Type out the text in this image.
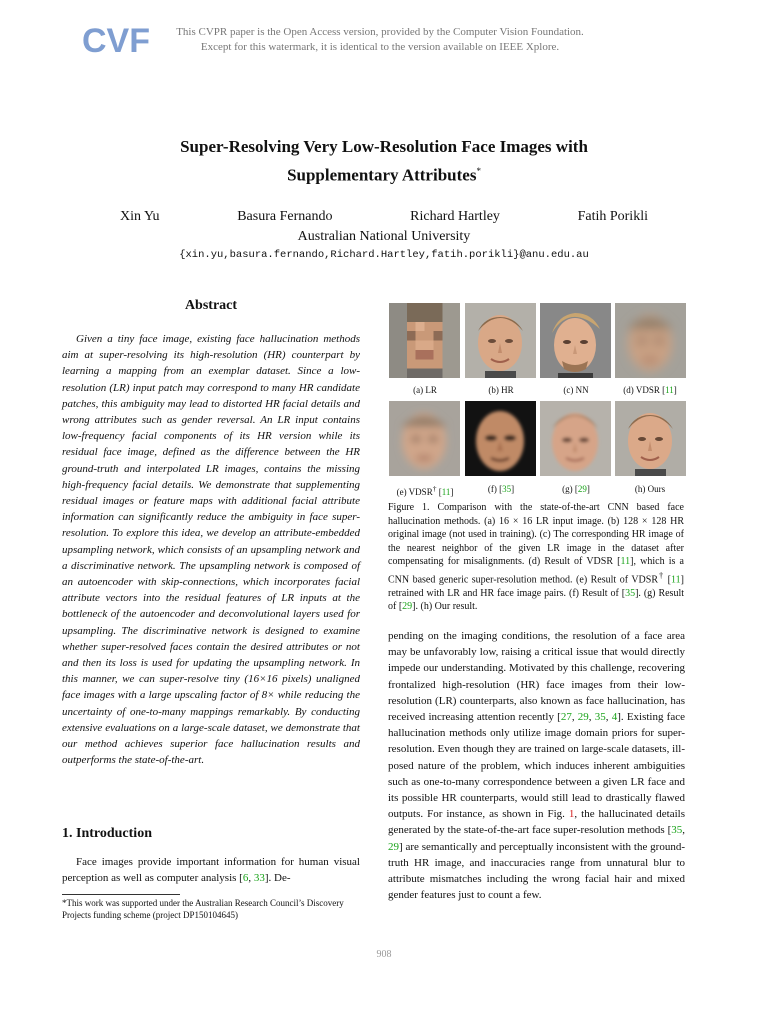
CVF	This CVPR paper is the Open Access version, provided by the Computer Vision Foundation.
Except for this watermark, it is identical to the version available on IEEE Xplore.
Super-Resolving Very Low-Resolution Face Images with
Supplementary Attributes*
Xin Yu	Basura Fernando	Richard Hartley	Fatih Porikli
Australian National University
{xin.yu,basura.fernando,Richard.Hartley,fatih.porikli}@anu.edu.au
Abstract

Given a tiny face image, existing face hallucination methods aim at super-resolving its high-resolution (HR) counterpart by learning a mapping from an exemplar dataset. Since a low-resolution (LR) input patch may correspond to many HR candidate patches, this ambiguity may lead to distorted HR facial details and wrong attributes such as gender reversal. An LR input contains low-frequency facial components of its HR version while its residual face image, defined as the difference between the HR ground-truth and interpolated LR images, contains the missing high-frequency facial details. We demonstrate that supplementing residual images or feature maps with additional facial attribute information can significantly reduce the ambiguity in face super-resolution. To explore this idea, we develop an attribute-embedded upsampling network, which consists of an upsampling network and a discriminative network. The upsampling network is composed of an autoencoder with skip-connections, which incorporates facial attribute vectors into the residual features of LR inputs at the bottleneck of the autoencoder and deconvolutional layers used for upsampling. The discriminative network is designed to examine whether super-resolved faces contain the desired attributes or not and then its loss is used for updating the upsampling network. In this manner, we can super-resolve tiny (16×16 pixels) unaligned face images with a large upscaling factor of 8× while reducing the uncertainty of one-to-many mappings remarkably. By conducting extensive evaluations on a large-scale dataset, we demonstrate that our method achieves superior face hallucination results and outperforms the state-of-the-art.

1. Introduction

Face images provide important information for human visual perception as well as computer analysis [6, 33]. De-

*This work was supported under the Australian Research Council’s Discovery Projects funding scheme (project DP150104645)

(a) LR	(b) HR	(c) NN	(d) VDSR [11]
(e) VDSR† [11]	(f) [35]	(g) [29]	(h) Ours

Figure 1. Comparison with the state-of-the-art CNN based face hallucination methods. (a) 16 × 16 LR input image. (b) 128 × 128 HR original image (not used in training). (c) The corresponding HR image of the nearest neighbor of the given LR image in the dataset after compensating for misalignments. (d) Result of VDSR [11], which is a CNN based generic super-resolution method. (e) Result of VDSR† [11] retrained with LR and HR face image pairs. (f) Result of [35]. (g) Result of [29]. (h) Our result.

pending on the imaging conditions, the resolution of a face area may be unfavorably low, raising a critical issue that would directly impede our understanding. Motivated by this challenge, recovering frontalized high-resolution (HR) face images from their low-resolution (LR) counterparts, also known as face hallucination, has received increasing attention recently [27, 29, 35, 4]. Existing face hallucination methods only utilize image domain priors for super-resolution. Even though they are trained on large-scale datasets, ill-posed nature of the problem, which induces inherent ambiguities such as one-to-many correspondence between a given LR face and its possible HR counterparts, would still lead to drastically flawed outputs. For instance, as shown in Fig. 1, the hallucinated details generated by the state-of-the-art face super-resolution methods [35, 29] are semantically and perceptually inconsistent with the ground-truth HR image, and inaccuracies range from unnatural blur to attribute mismatches including the wrong facial hair and mixed gender features just to count a few.

908
